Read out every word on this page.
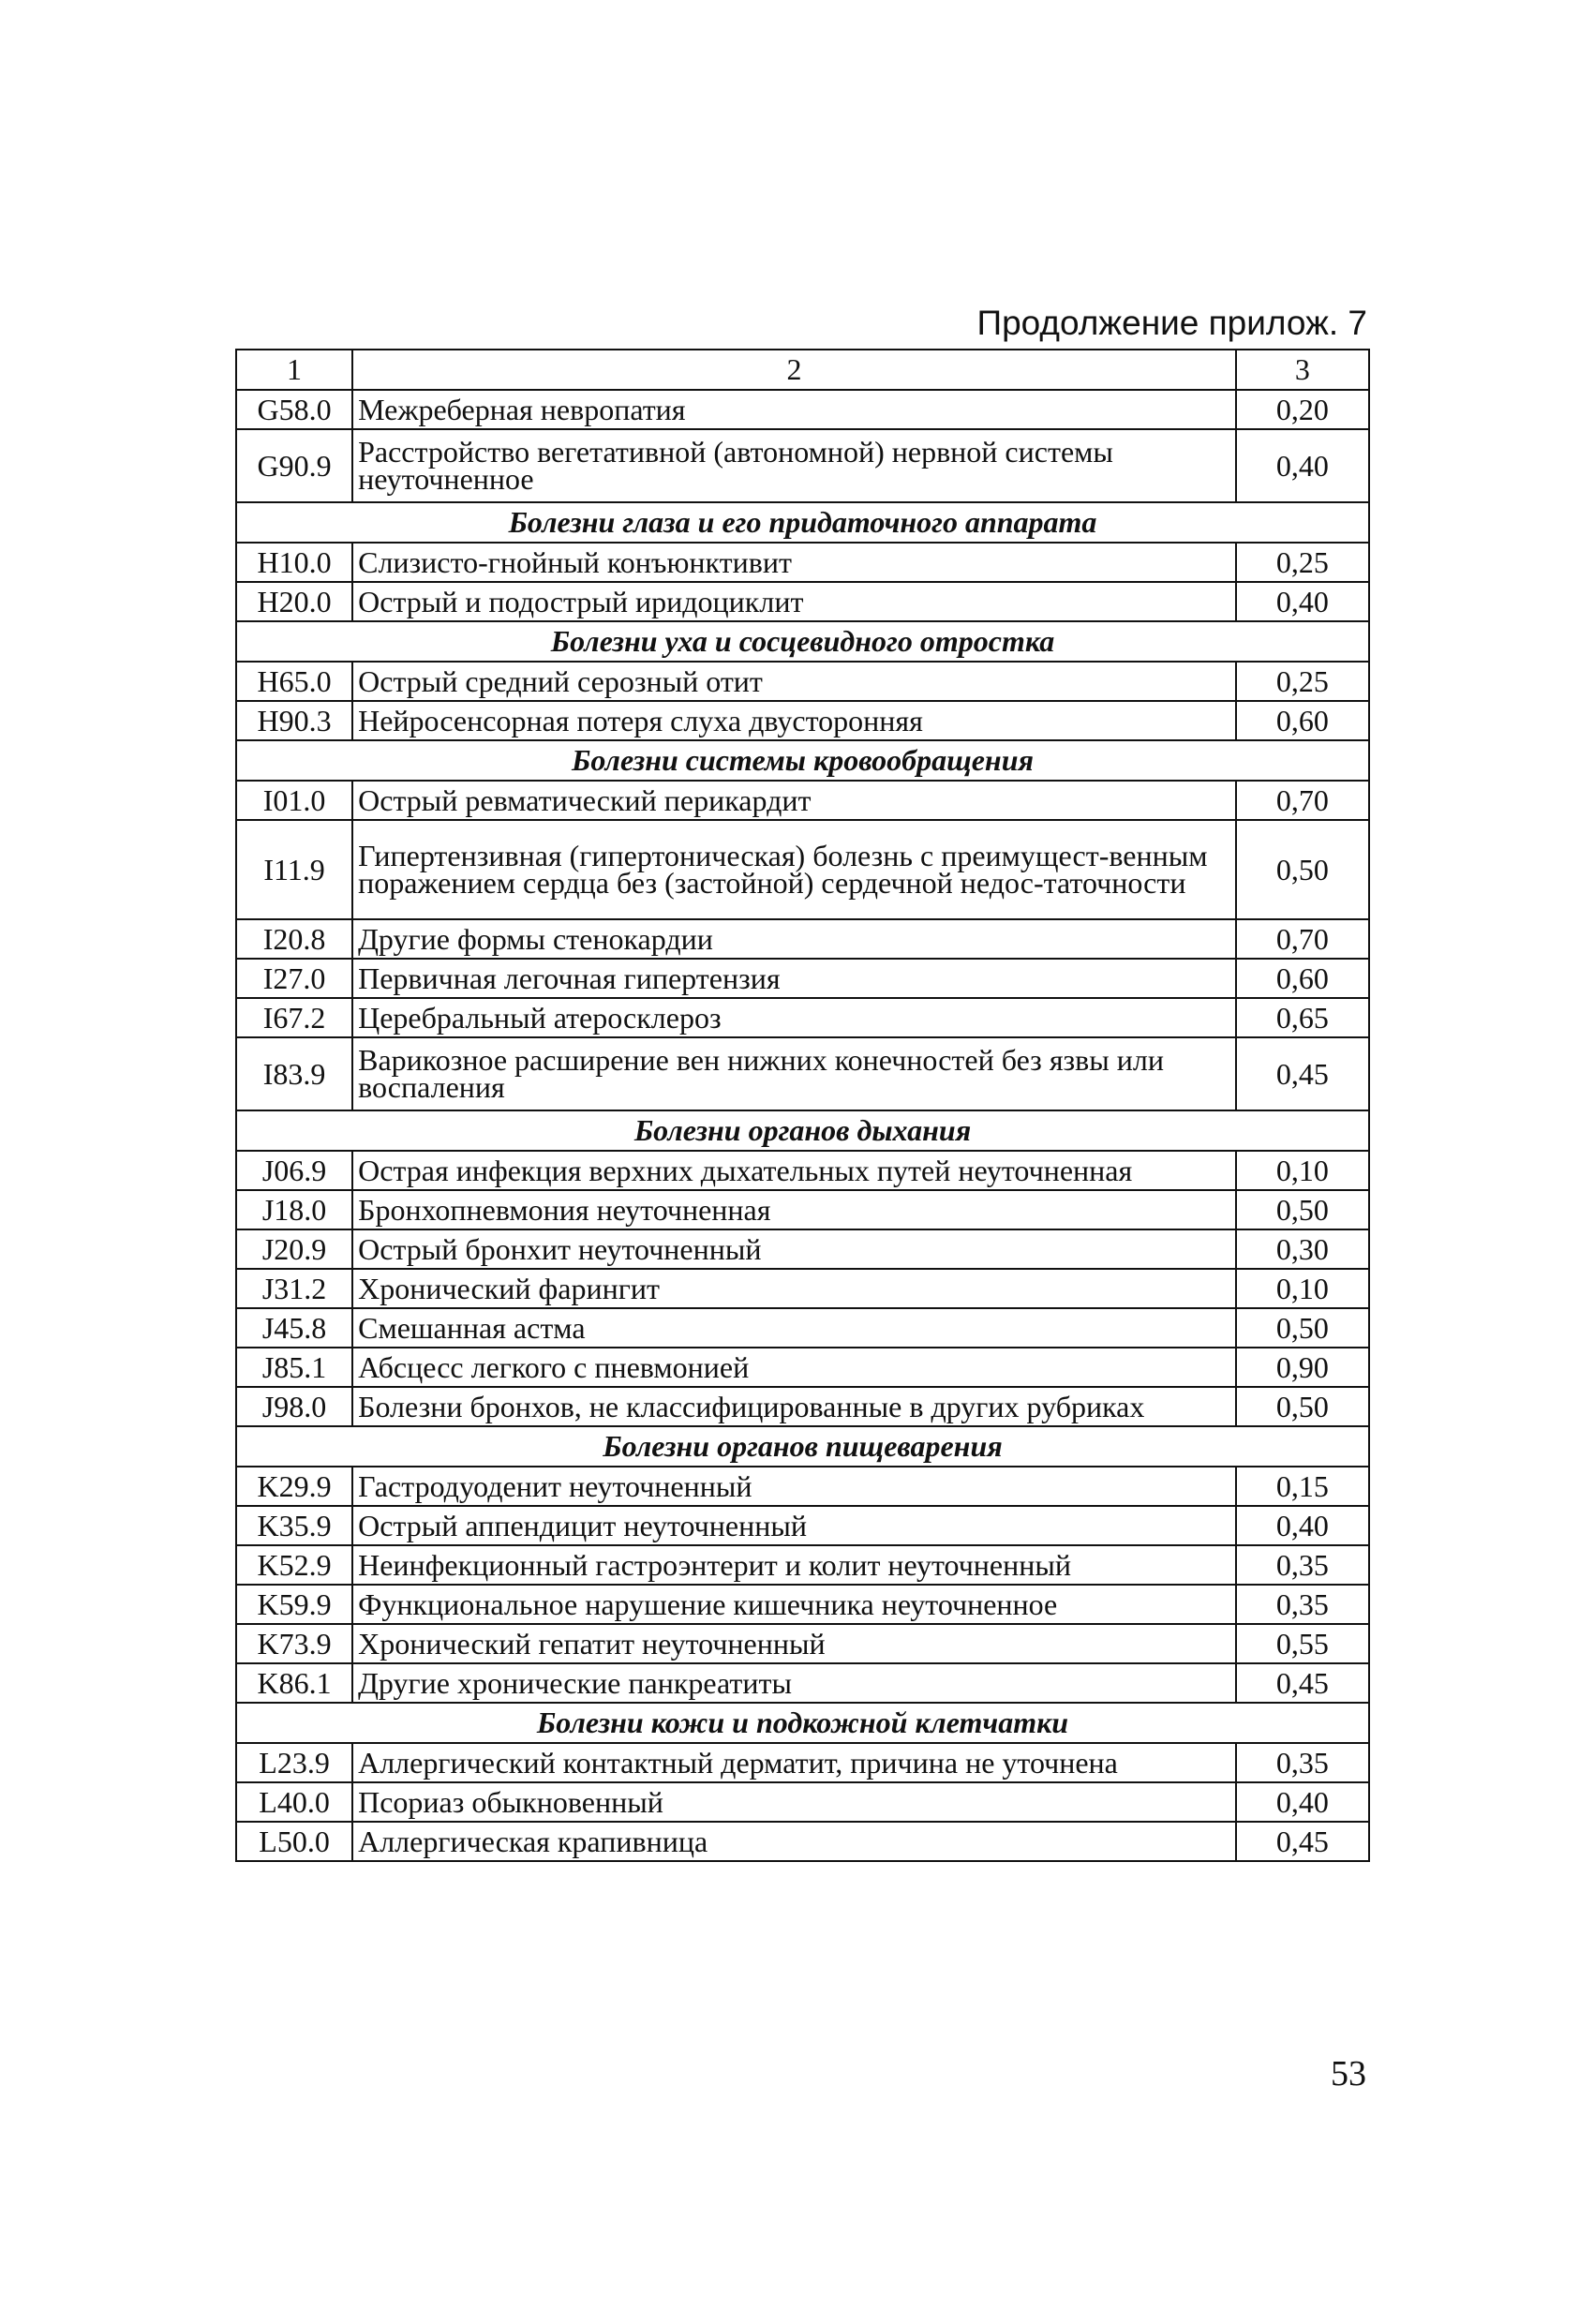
Продолжение прилож. 7
1	2	3
G58.0	Межреберная невропатия	0,20
G90.9	Расстройство вегетативной (автономной) нервной системы неуточненное	0,40
Болезни глаза и его придаточного аппарата		
H10.0	Слизисто-гнойный конъюнктивит	0,25
H20.0	Острый и подострый иридоциклит	0,40
Болезни уха и сосцевидного отростка		
H65.0	Острый средний серозный отит	0,25
H90.3	Нейросенсорная потеря слуха двусторонняя	0,60
Болезни системы кровообращения		
I01.0	Острый ревматический перикардит	0,70
I11.9	Гипертензивная (гипертоническая) болезнь с преимущест-венным поражением сердца без (застойной) сердечной недос-таточности	0,50
I20.8	Другие формы стенокардии	0,70
I27.0	Первичная легочная гипертензия	0,60
I67.2	Церебральный атеросклероз	0,65
I83.9	Варикозное расширение вен нижних конечностей без язвы или воспаления	0,45
Болезни органов дыхания		
J06.9	Острая инфекция верхних дыхательных путей неуточненная	0,10
J18.0	Бронхопневмония неуточненная	0,50
J20.9	Острый бронхит неуточненный	0,30
J31.2	Хронический фарингит	0,10
J45.8	Смешанная астма	0,50
J85.1	Абсцесс легкого с пневмонией	0,90
J98.0	Болезни бронхов, не классифицированные в других рубриках	0,50
Болезни органов пищеварения		
K29.9	Гастродуоденит неуточненный	0,15
K35.9	Острый аппендицит неуточненный	0,40
K52.9	Неинфекционный гастроэнтерит и колит неуточненный	0,35
K59.9	Функциональное нарушение кишечника неуточненное	0,35
K73.9	Хронический гепатит неуточненный	0,55
K86.1	Другие хронические панкреатиты	0,45
Болезни кожи и подкожной клетчатки		
L23.9	Аллергический контактный дерматит, причина не уточнена	0,35
L40.0	Псориаз обыкновенный	0,40
L50.0	Аллергическая крапивница	0,45
53
